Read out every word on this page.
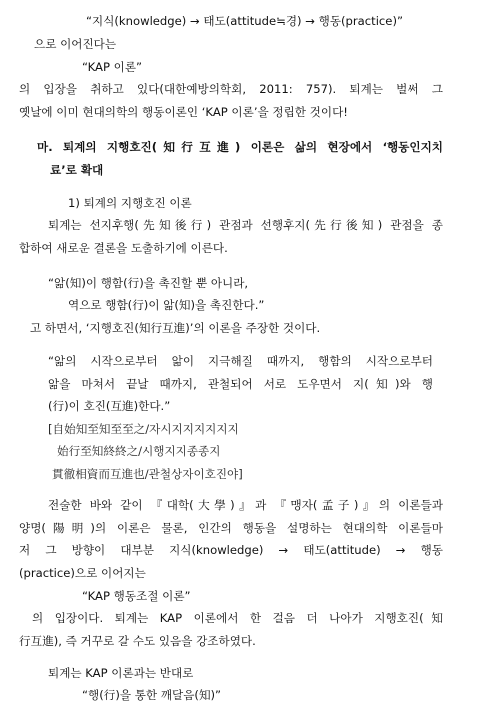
“지식(knowledge) → 태도(attitude≒경) → 행동(practice)”
으로 이어진다는
“KAP 이론”
의 입장을 취하고 있다(대한예방의학회, 2011: 757). 퇴계는 벌써 그
옛날에 이미 현대의학의 행동이론인 ‘KAP 이론’을 정립한 것이다!
마. 퇴계의 지행호진(知行互進) 이론은 삶의 현장에서 ‘행동인지치
료’로 확대
1) 퇴계의 지행호진 이론
퇴계는 선지후행(先知後行) 관점과 선행후지(先行後知) 관점을 종
합하여 새로운 결론을 도출하기에 이른다.
“앎(知)이 행함(行)을 촉진할 뿐 아니라,
역으로 행함(行)이 앎(知)을 촉진한다.”
고 하면서, ‘지행호진(知行互進)’의 이론을 주장한 것이다.
“앎의 시작으로부터 앎이 지극해질 때까지, 행함의 시작으로부터
앎을 마쳐서 끝날 때까지, 관철되어 서로 도우면서 지(知)와 행
(行)이 호진(互進)한다.”
[自始知至知至至之/자시지지지지지지
始行至知終終之/시행지지종종지
貫徹相資而互進也/관철상자이호진야]
전술한 바와 같이 『대학(大學)』과 『맹자(孟子)』의 이론들과
양명(陽明)의 이론은 물론, 인간의 행동을 설명하는 현대의학 이론들마
저 그 방향이 대부분 지식(knowledge) → 태도(attitude) → 행동
(practice)으로 이어지는
“KAP 행동조절 이론”
의 입장이다. 퇴계는 KAP 이론에서 한 걸음 더 나아가 지행호진(知
行互進), 즉 거꾸로 갈 수도 있음을 강조하였다.
퇴계는 KAP 이론과는 반대로
“행(行)을 통한 깨달음(知)”
